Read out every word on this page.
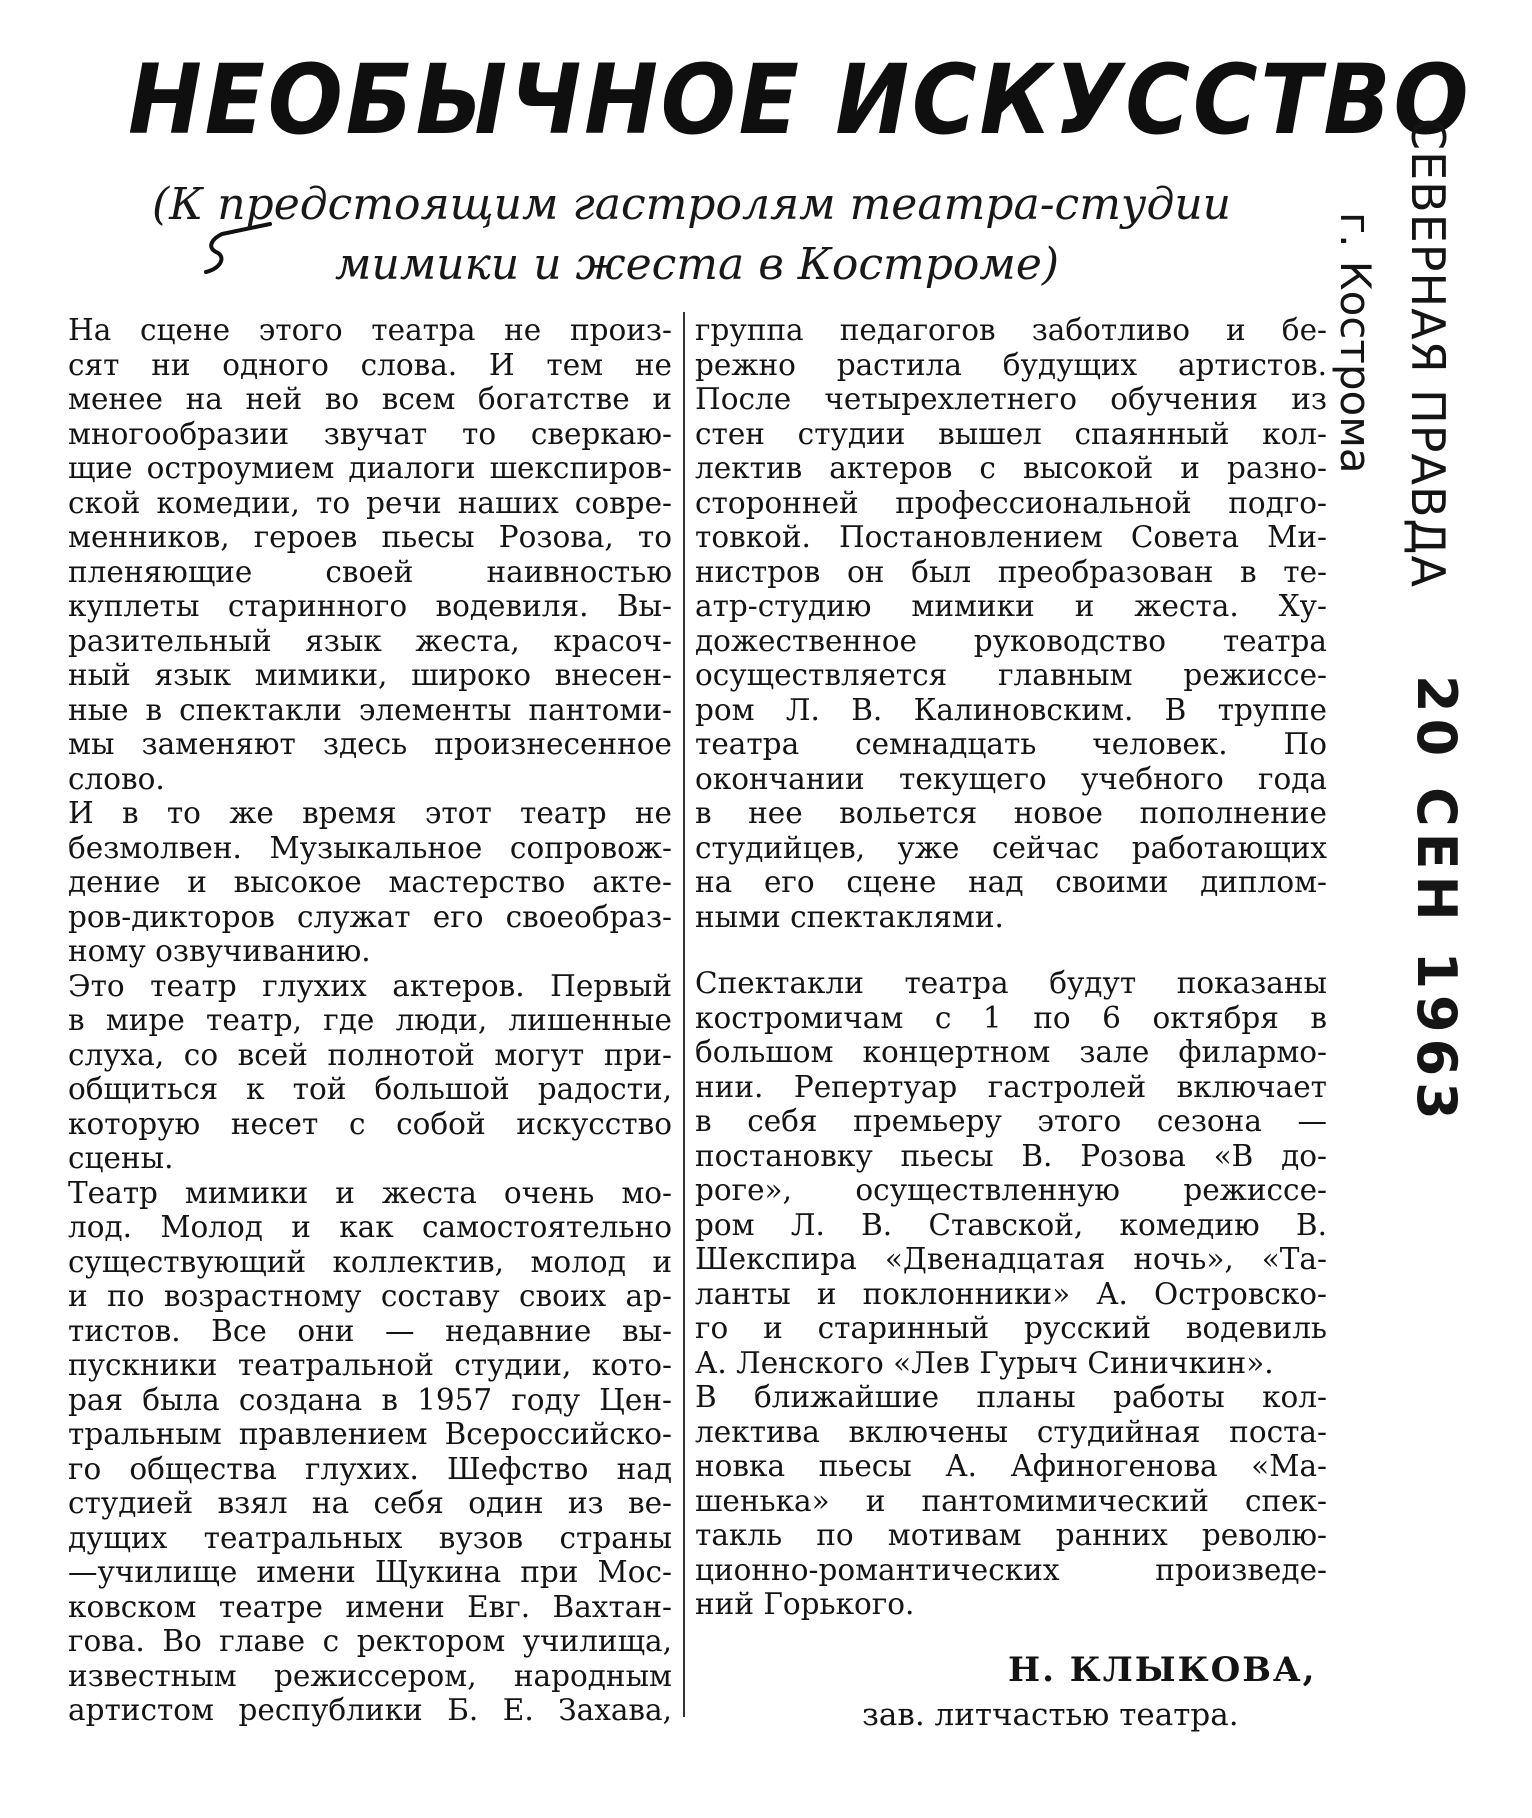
НЕОБЫЧНОЕ ИСКУССТВО
(К предстоящим гастролям театра-студии
мимики и жеста в Костроме)

На сцене этого театра не произ-

сят ни одного слова. И тем не

менее на ней во всем богатстве и

многообразии звучат то сверкаю-

щие остроумием диалоги шекспиров-

ской комедии, то речи наших совре-

менников, героев пьесы Розова, то

пленяющие своей наивностью

куплеты старинного водевиля. Вы-

разительный язык жеста, красоч-

ный язык мимики, широко внесен-

ные в спектакли элементы пантоми-

мы заменяют здесь произнесенное

слово.

И в то же время этот театр не

безмолвен. Музыкальное сопровож-

дение и высокое мастерство акте-

ров-дикторов служат его своеобраз-

ному озвучиванию.

Это театр глухих актеров. Первый

в мире театр, где люди, лишенные

слуха, со всей полнотой могут при-

общиться к той большой радости,

которую несет с собой искусство

сцены.

Театр мимики и жеста очень мо-

лод. Молод и как самостоятельно

существующий коллектив, молод и

и по возрастному составу своих ар-

тистов. Все они — недавние вы-

пускники театральной студии, кото-

рая была создана в 1957 году Цен-

тральным правлением Всероссийско-

го общества глухих. Шефство над

студией взял на себя один из ве-

дущих театральных вузов страны

—училище имени Щукина при Мос-

ковском театре имени Евг. Вахтан-

гова. Во главе с ректором училища,

известным режиссером, народным

артистом республики Б. Е. Захава,

группа педагогов заботливо и бе-

режно растила будущих артистов.

После четырехлетнего обучения из

стен студии вышел спаянный кол-

лектив актеров с высокой и разно-

сторонней профессиональной подго-

товкой. Постановлением Совета Ми-

нистров он был преобразован в те-

атр-студию мимики и жеста. Ху-

дожественное руководство театра

осуществляется главным режиссе-

ром Л. В. Калиновским. В труппе

театра семнадцать человек. По

окончании текущего учебного года

в нее вольется новое пополнение

студийцев, уже сейчас работающих

на его сцене над своими диплом-

ными спектаклями.

Спектакли театра будут показаны

костромичам с 1 по 6 октября в

большом концертном зале филармо-

нии. Репертуар гастролей включает

в себя премьеру этого сезона —

постановку пьесы В. Розова «В до-

роге», осуществленную режиссе-

ром Л. В. Ставской, комедию В.

Шекспира «Двенадцатая ночь», «Та-

ланты и поклонники» А. Островско-

го и старинный русский водевиль

А. Ленского «Лев Гурыч Синичкин».

В ближайшие планы работы кол-

лектива включены студийная поста-

новка пьесы А. Афиногенова «Ма-

шенька» и пантомимический спек-

такль по мотивам ранних револю-

ционно-романтических произведе-

ний Горького.

Н. КЛЫКОВА,
зав. литчастью театра.
СЕВЕРНАЯ ПРАВДА
г. Кострома
20 СЕН 1963
